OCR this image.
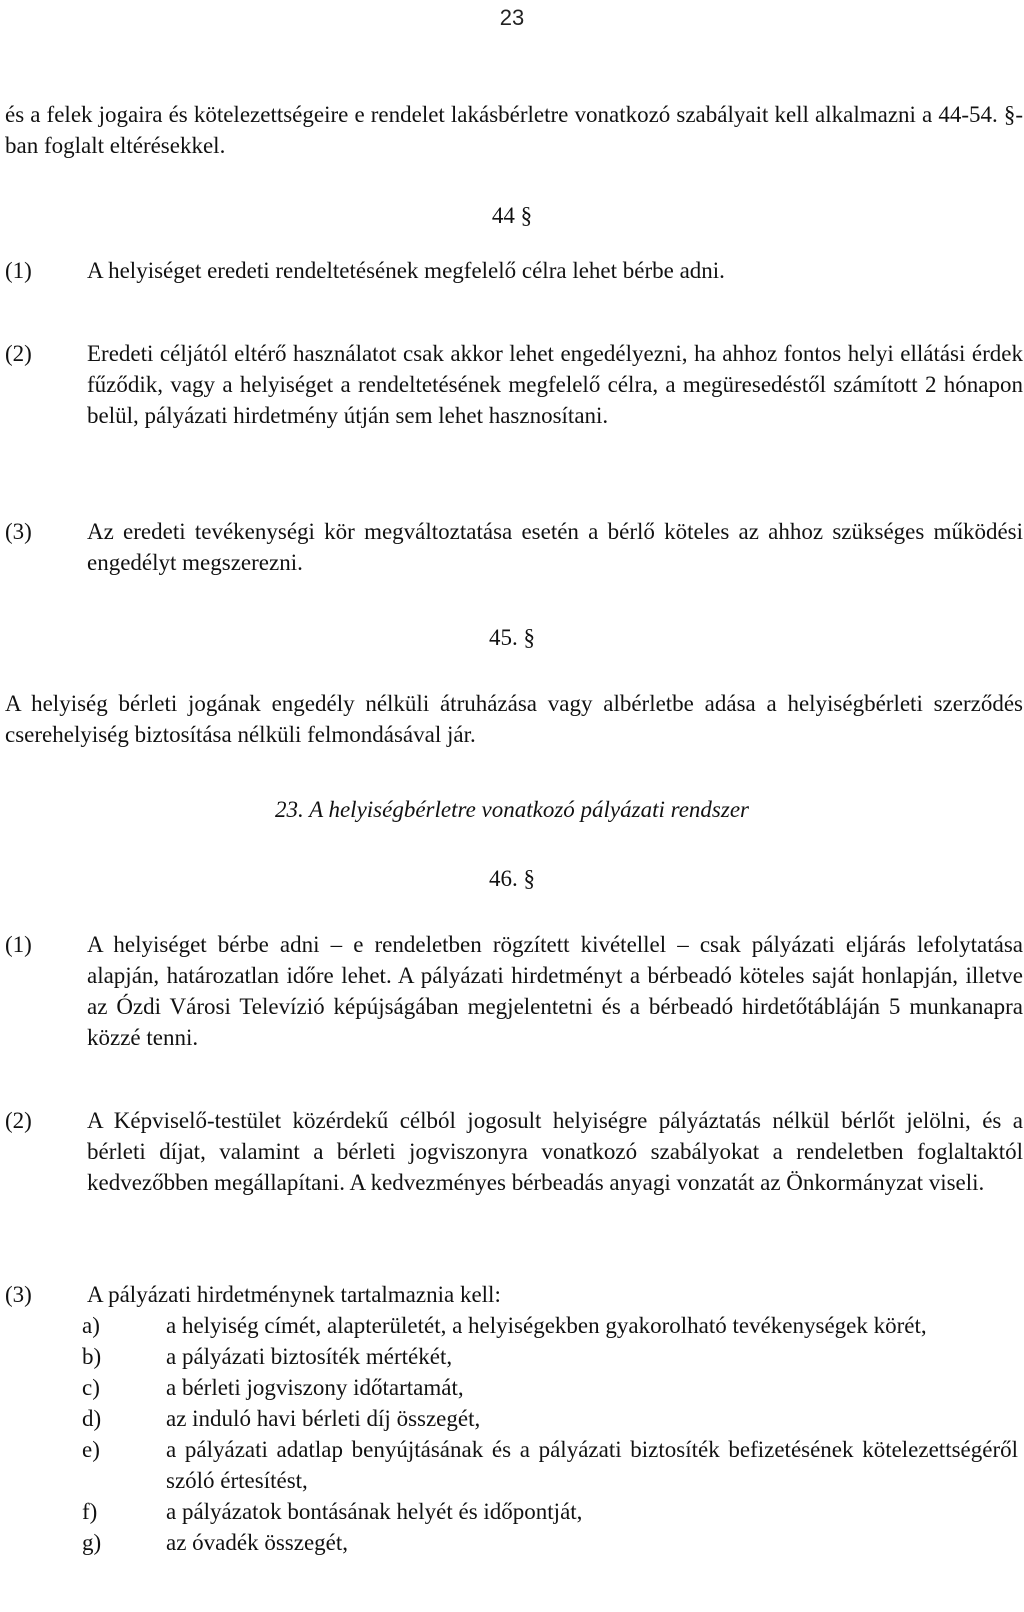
23
és a felek jogaira és kötelezettségeire e rendelet lakásbérletre vonatkozó szabályait kell alkalmazni a 44-54. §-ban foglalt eltérésekkel.
44 §
(1)	A helyiséget eredeti rendeltetésének megfelelő célra lehet bérbe adni.
(2)	Eredeti céljától eltérő használatot csak akkor lehet engedélyezni, ha ahhoz fontos helyi ellátási érdek fűződik, vagy a helyiséget a rendeltetésének megfelelő célra, a megüresedéstől számított 2 hónapon belül, pályázati hirdetmény útján sem lehet hasznosítani.
(3)	Az eredeti tevékenységi kör megváltoztatása esetén a bérlő köteles az ahhoz szükséges működési engedélyt megszerezni.
45. §
A helyiség bérleti jogának engedély nélküli átruházása vagy albérletbe adása a helyiségbérleti szerződés cserehelyiség biztosítása nélküli felmondásával jár.
23. A helyiségbérletre vonatkozó pályázati rendszer
46. §
(1)	A helyiséget bérbe adni – e rendeletben rögzített kivétellel – csak pályázati eljárás lefolytatása alapján, határozatlan időre lehet. A pályázati hirdetményt a bérbeadó köteles saját honlapján, illetve az Ózdi Városi Televízió képújságában megjelentetni és a bérbeadó hirdetőtábláján 5 munkanapra közzé tenni.
(2)	A Képviselő-testület közérdekű célból jogosult helyiségre pályáztatás nélkül bérlőt jelölni, és a bérleti díjat, valamint a bérleti jogviszonyra vonatkozó szabályokat a rendeletben foglaltaktól kedvezőbben megállapítani. A kedvezményes bérbeadás anyagi vonzatát az Önkormányzat viseli.
(3)	A pályázati hirdetménynek tartalmaznia kell:
a)	a helyiség címét, alapterületét, a helyiségekben gyakorolható tevékenységek körét,
b)	a pályázati biztosíték mértékét,
c)	a bérleti jogviszony időtartamát,
d)	az induló havi bérleti díj összegét,
e)	a pályázati adatlap benyújtásának és a pályázati biztosíték befizetésének kötelezettségéről szóló értesítést,
f)	a pályázatok bontásának helyét és időpontját,
g)	az óvadék összegét,
